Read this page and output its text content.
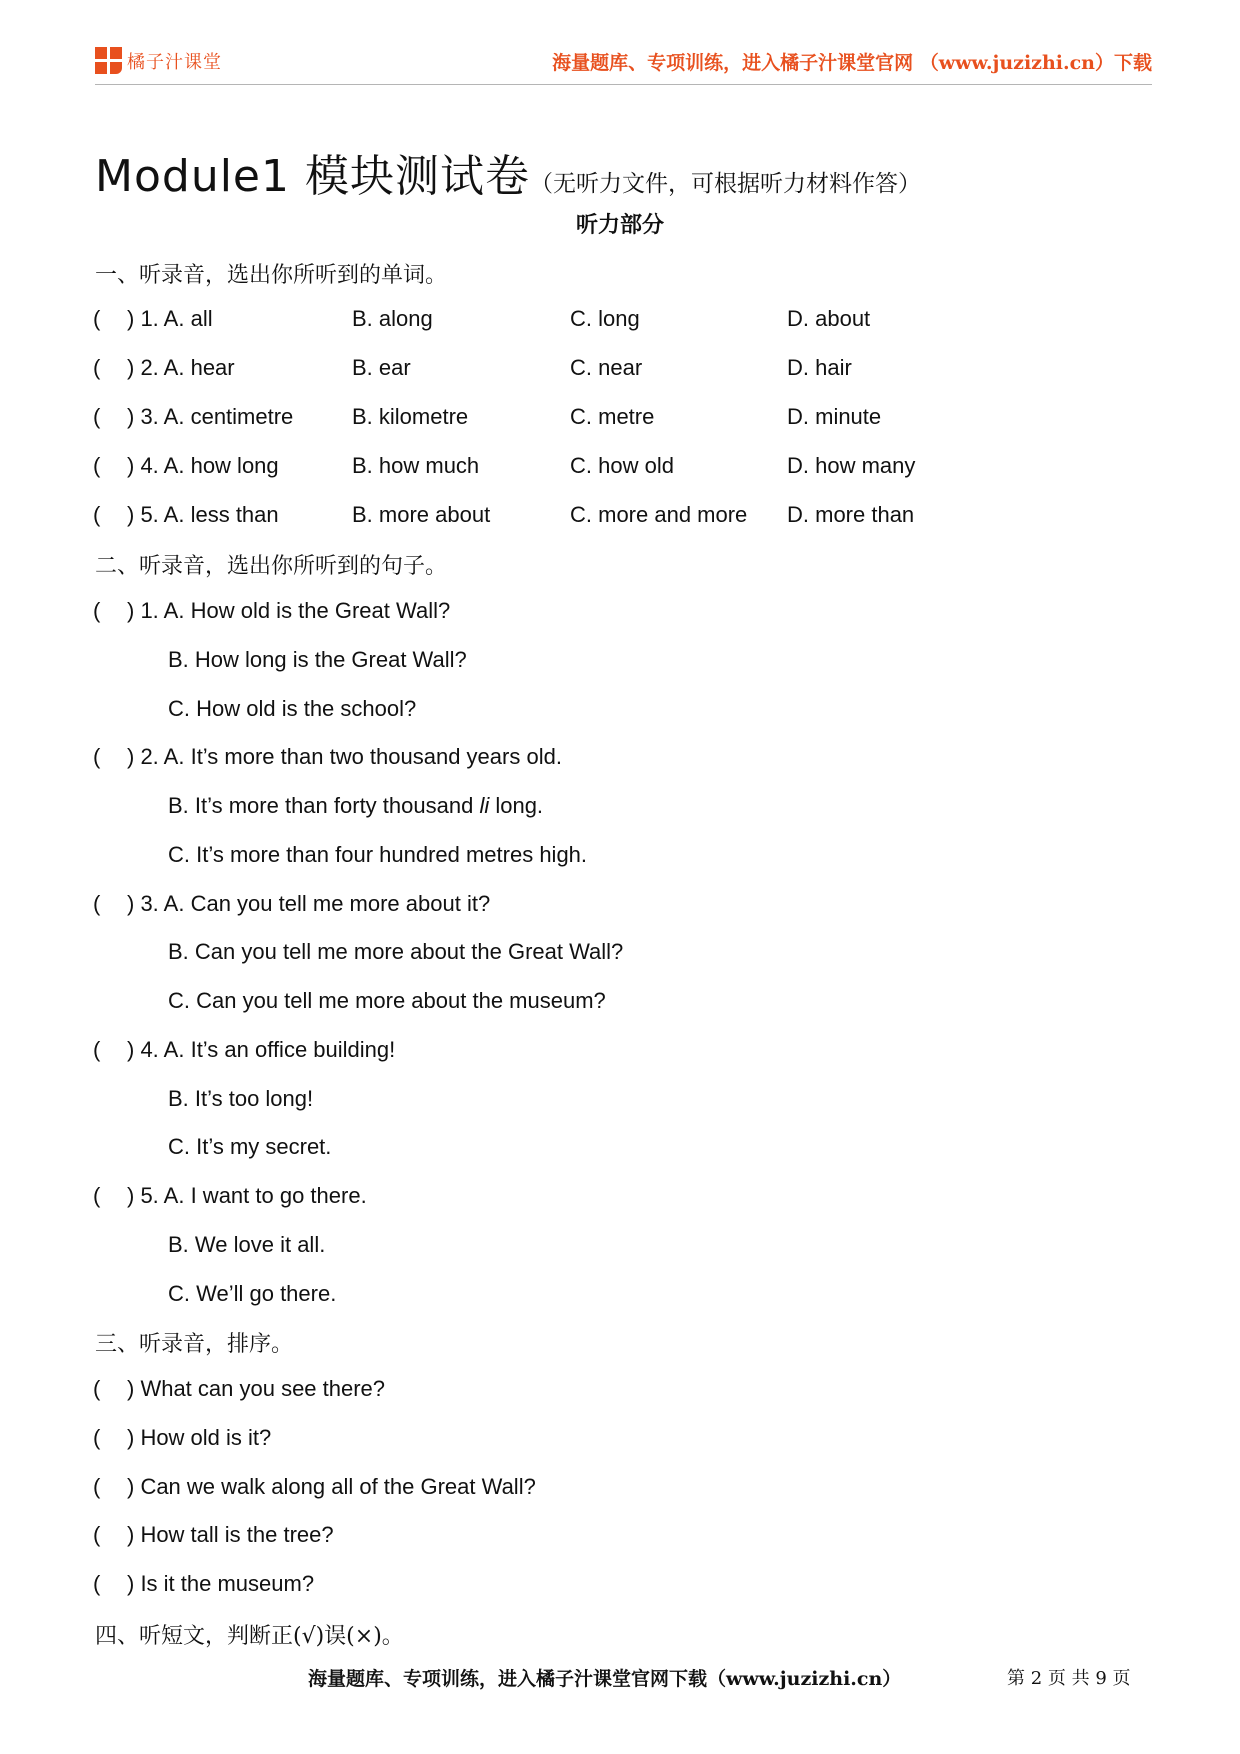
橘子汁课堂	海量题库、专项训练，进入橘子汁课堂官网 （www.juzizhi.cn）下载
Module1 模块测试卷（无听力文件，可根据听力材料作答）
听力部分
一、听录音，选出你所听到的单词。
( ) 1. A. all	B. along	C. long	D. about
( ) 2. A. hear	B. ear	C. near	D. hair
( ) 3. A. centimetre	B. kilometre	C. metre	D. minute
( ) 4. A. how long	B. how much	C. how old	D. how many
( ) 5. A. less than	B. more about	C. more and more D. more than
二、听录音，选出你所听到的句子。
( ) 1. A. How old is the Great Wall?
B. How long is the Great Wall?
C. How old is the school?
( ) 2. A. It’s more than two thousand years old.
B. It’s more than forty thousand li long.
C. It’s more than four hundred metres high.
( ) 3. A. Can you tell me more about it?
B. Can you tell me more about the Great Wall?
C. Can you tell me more about the museum?
( ) 4. A. It’s an office building!
B. It’s too long!
C. It’s my secret.
( ) 5. A. I want to go there.
B. We love it all.
C. We’ll go there.
三、听录音，排序。
( ) What can you see there?
( ) How old is it?
( ) Can we walk along all of the Great Wall?
( ) How tall is the tree?
( ) Is it the museum?
四、听短文，判断正(√)误(×)。
海量题库、专项训练，进入橘子汁课堂官网下载（www.juzizhi.cn）	第 2 页 共 9 页
